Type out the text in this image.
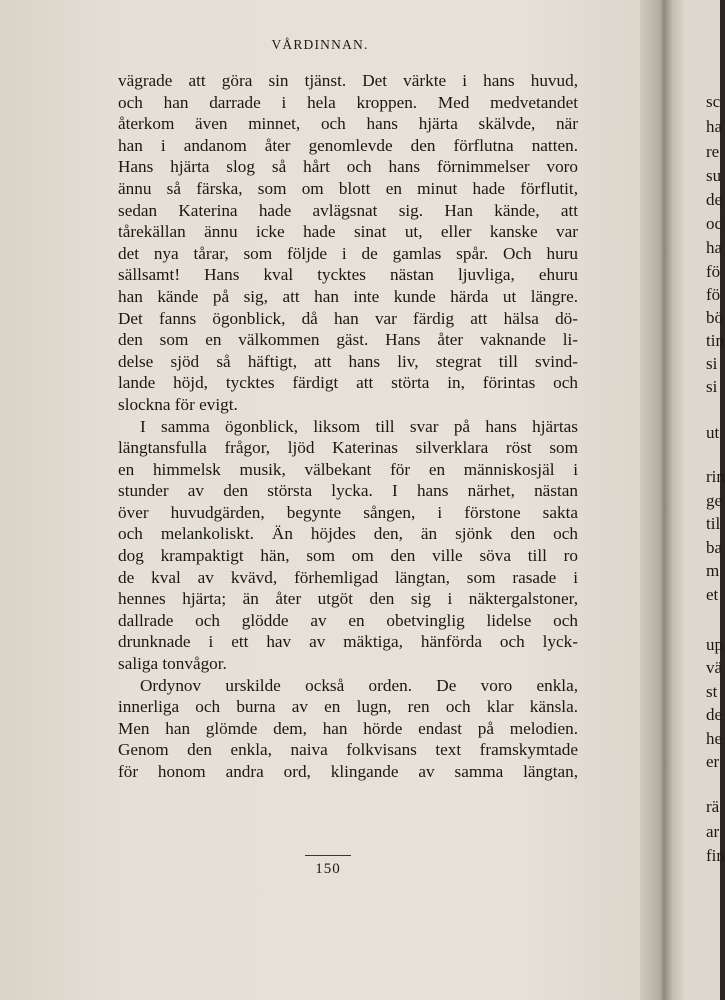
VÅRDINNAN.
vägrade att göra sin tjänst. Det värkte i hans huvud,
och han darrade i hela kroppen. Med medvetandet
återkom även minnet, och hans hjärta skälvde, när
han i andanom åter genomlevde den förflutna natten.
Hans hjärta slog så hårt och hans förnimmelser voro
ännu så färska, som om blott en minut hade förflutit,
sedan Katerina hade avlägsnat sig. Han kände, att
tårekällan ännu icke hade sinat ut, eller kanske var
det nya tårar, som följde i de gamlas spår. Och huru
sällsamt! Hans kval tycktes nästan ljuvliga, ehuru
han kände på sig, att han inte kunde härda ut längre.
Det fanns ögonblick, då han var färdig att hälsa dö-
den som en välkommen gäst. Hans åter vaknande li-
delse sjöd så häftigt, att hans liv, stegrat till svind-
lande höjd, tycktes färdigt att störta in, förintas och
slockna för evigt.
I samma ögonblick, liksom till svar på hans hjärtas
längtansfulla frågor, ljöd Katerinas silverklara röst som
en himmelsk musik, välbekant för en människosjäl i
stunder av den största lycka. I hans närhet, nästan
över huvudgärden, begynte sången, i förstone sakta
och melankoliskt. Än höjdes den, än sjönk den och
dog krampaktigt hän, som om den ville söva till ro
de kval av kvävd, förhemligad längtan, som rasade i
hennes hjärta; än åter utgöt den sig i näktergalstoner,
dallrade och glödde av en obetvinglig lidelse och
drunknade i ett hav av mäktiga, hänförda och lyck-
saliga tonvågor.
Ordynov urskilde också orden. De voro enkla,
innerliga och burna av en lugn, ren och klar känsla.
Men han glömde dem, han hörde endast på melodien.
Genom den enkla, naiva folkvisans text framskymtade
för honom andra ord, klingande av samma längtan,
150
sc
ha
re
su
de
oc
ha
fö
fö
bö
tin
si
si
ut
rin
ge
til
ba
m
et
up
vä
st
de
he
er
rä
ar
fin
